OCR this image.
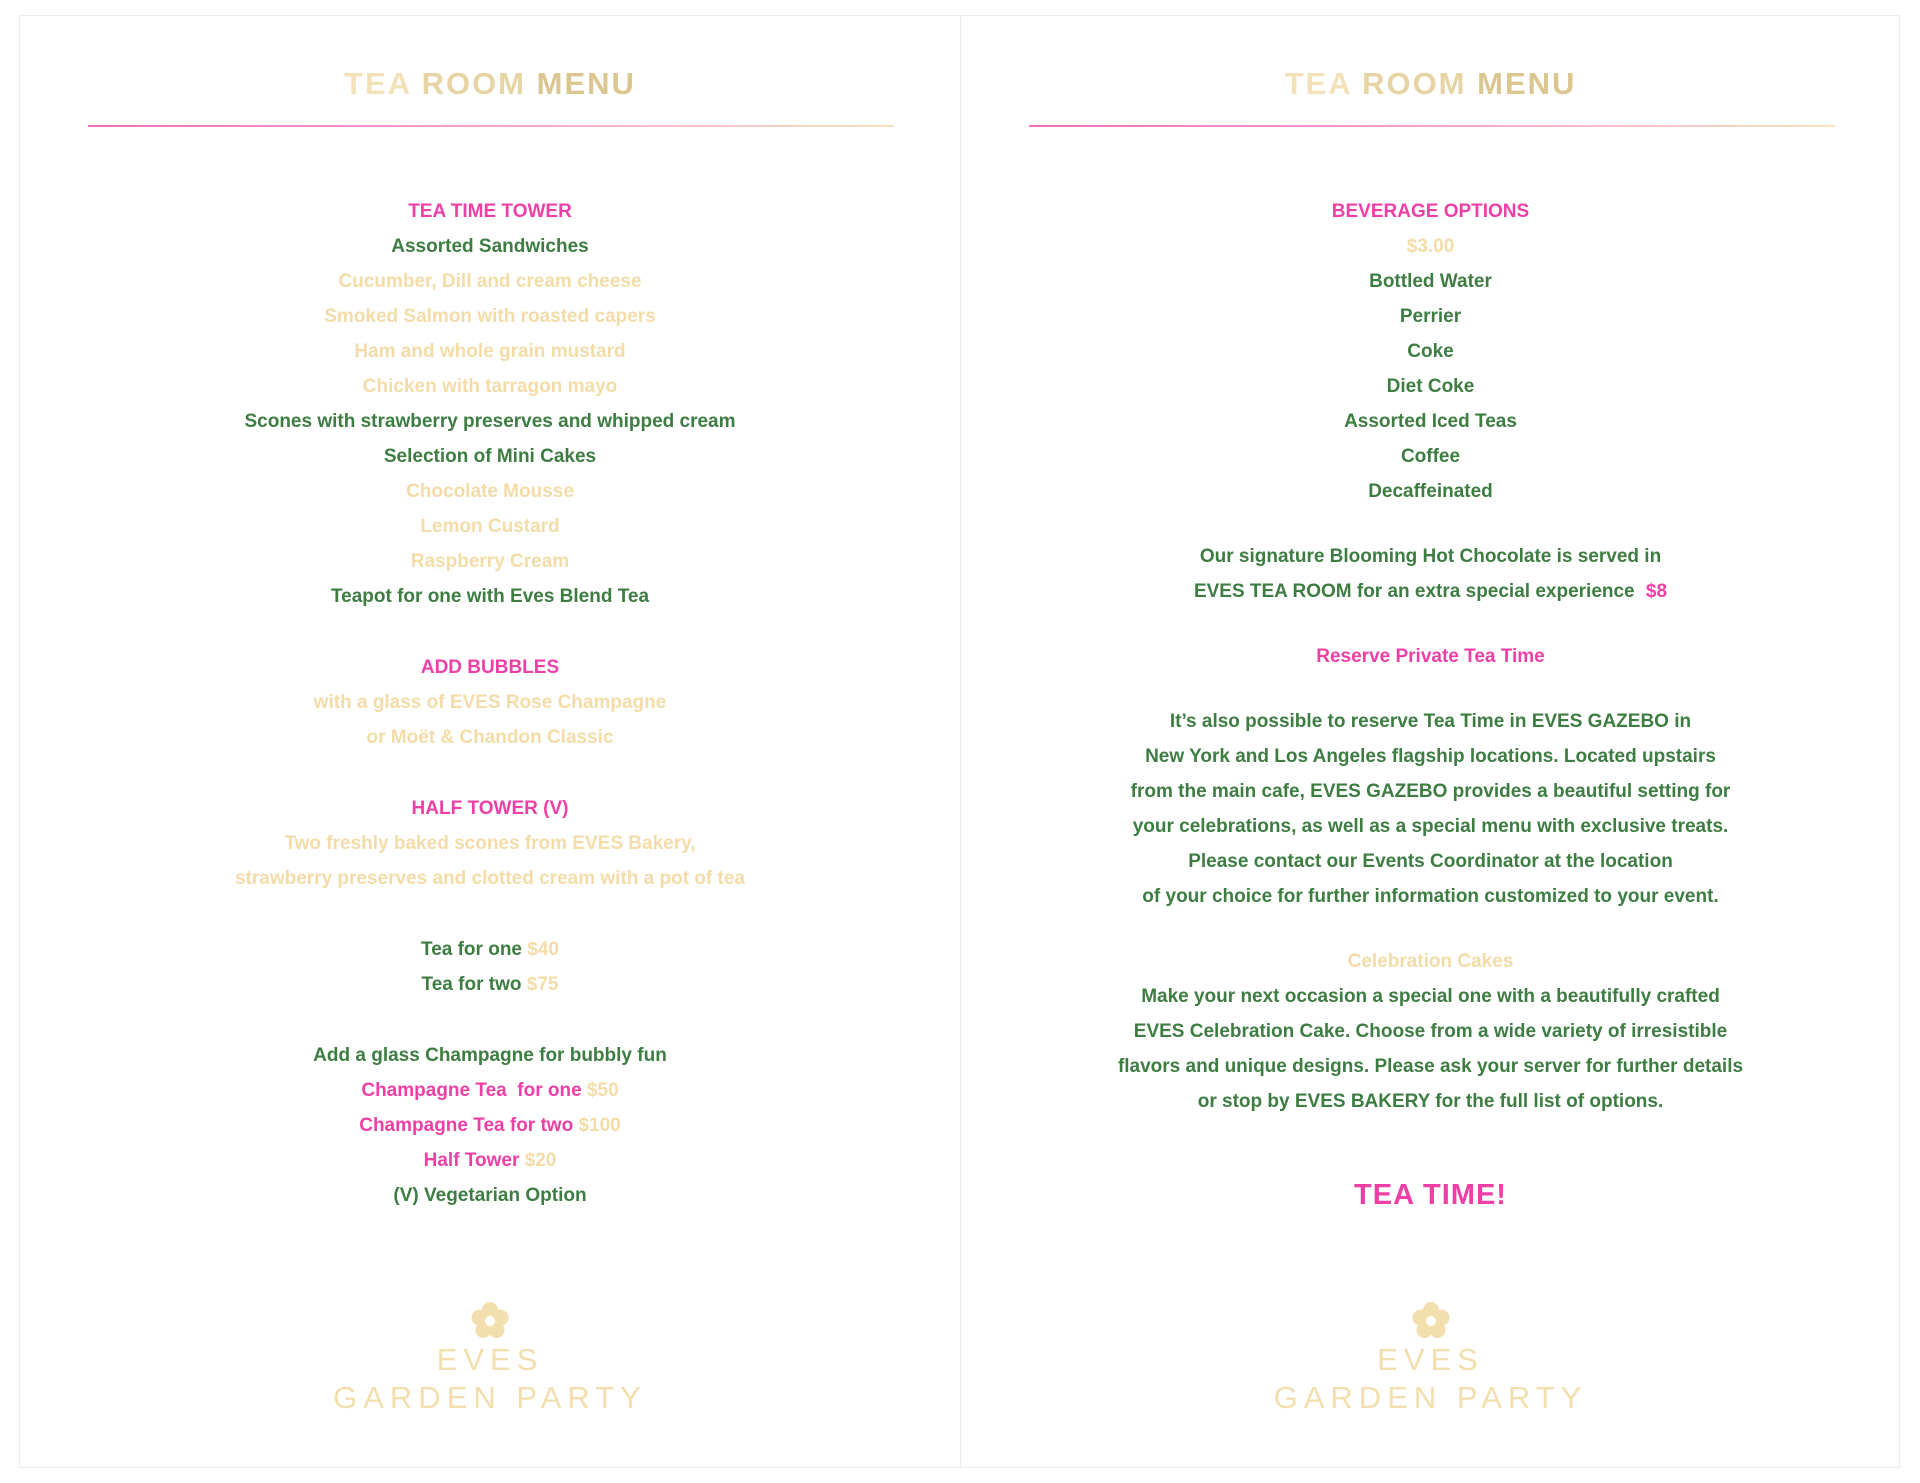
TEA ROOM MENU
TEA TIME TOWER
Assorted Sandwiches
Cucumber, Dill and cream cheese
Smoked Salmon with roasted capers
Ham and whole grain mustard
Chicken with tarragon mayo
Scones with strawberry preserves and whipped cream
Selection of Mini Cakes
Chocolate Mousse
Lemon Custard
Raspberry Cream
Teapot for one with Eves Blend Tea
ADD BUBBLES
with a glass of EVES Rose Champagne
or Moët & Chandon Classic
HALF TOWER (V)
Two freshly baked scones from EVES Bakery,
strawberry preserves and clotted cream with a pot of tea
Tea for one $40
Tea for two $75
Add a glass Champagne for bubbly fun
Champagne Tea  for one $50
Champagne Tea for two $100
Half Tower $20
(V) Vegetarian Option
EVES
GARDEN PARTY
TEA ROOM MENU
BEVERAGE OPTIONS
$3.00
Bottled Water
Perrier
Coke
Diet Coke
Assorted Iced Teas
Coffee
Decaffeinated
Our signature Blooming Hot Chocolate is served in
EVES TEA ROOM for an extra special experience $8
Reserve Private Tea Time
It’s also possible to reserve Tea Time in EVES GAZEBO in
New York and Los Angeles flagship locations. Located upstairs
from the main cafe, EVES GAZEBO provides a beautiful setting for
your celebrations, as well as a special menu with exclusive treats.
Please contact our Events Coordinator at the location
of your choice for further information customized to your event.
Celebration Cakes
Make your next occasion a special one with a beautifully crafted
EVES Celebration Cake. Choose from a wide variety of irresistible
flavors and unique designs. Please ask your server for further details
or stop by EVES BAKERY for the full list of options.
TEA TIME!
EVES
GARDEN PARTY
